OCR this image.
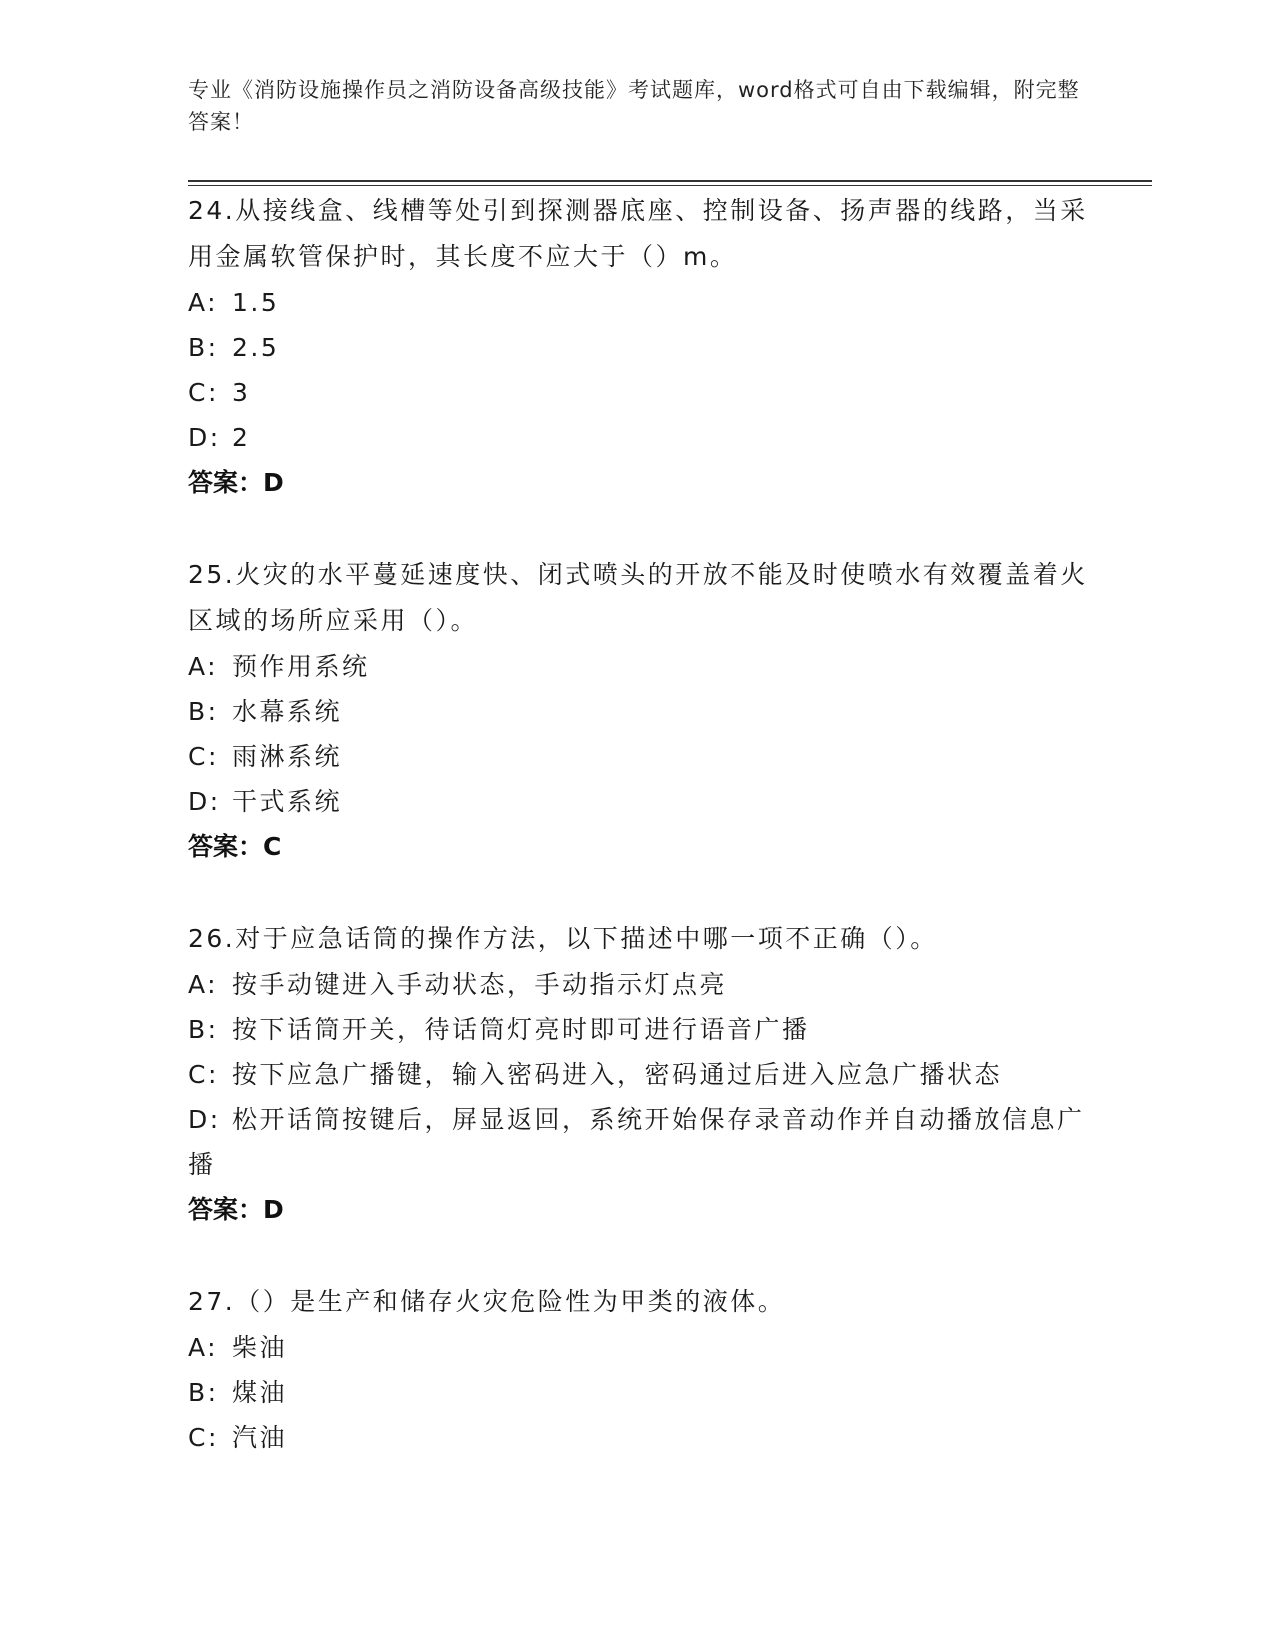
专业《消防设施操作员之消防设备高级技能》考试题库，word格式可自由下载编辑，附完整答案！

24.从接线盒、线槽等处引到探测器底座、控制设备、扬声器的线路，当采用金属软管保护时，其长度不应大于（）m。

A: 1.5

B: 2.5

C: 3

D: 2

答案：D

25.火灾的水平蔓延速度快、闭式喷头的开放不能及时使喷水有效覆盖着火区域的场所应采用（）。

A: 预作用系统

B: 水幕系统

C: 雨淋系统

D: 干式系统

答案：C

26.对于应急话筒的操作方法，以下描述中哪一项不正确（）。

A: 按手动键进入手动状态，手动指示灯点亮

B: 按下话筒开关，待话筒灯亮时即可进行语音广播

C: 按下应急广播键，输入密码进入，密码通过后进入应急广播状态

D: 松开话筒按键后，屏显返回，系统开始保存录音动作并自动播放信息广播

答案：D

27.（）是生产和储存火灾危险性为甲类的液体。

A: 柴油

B: 煤油

C: 汽油
